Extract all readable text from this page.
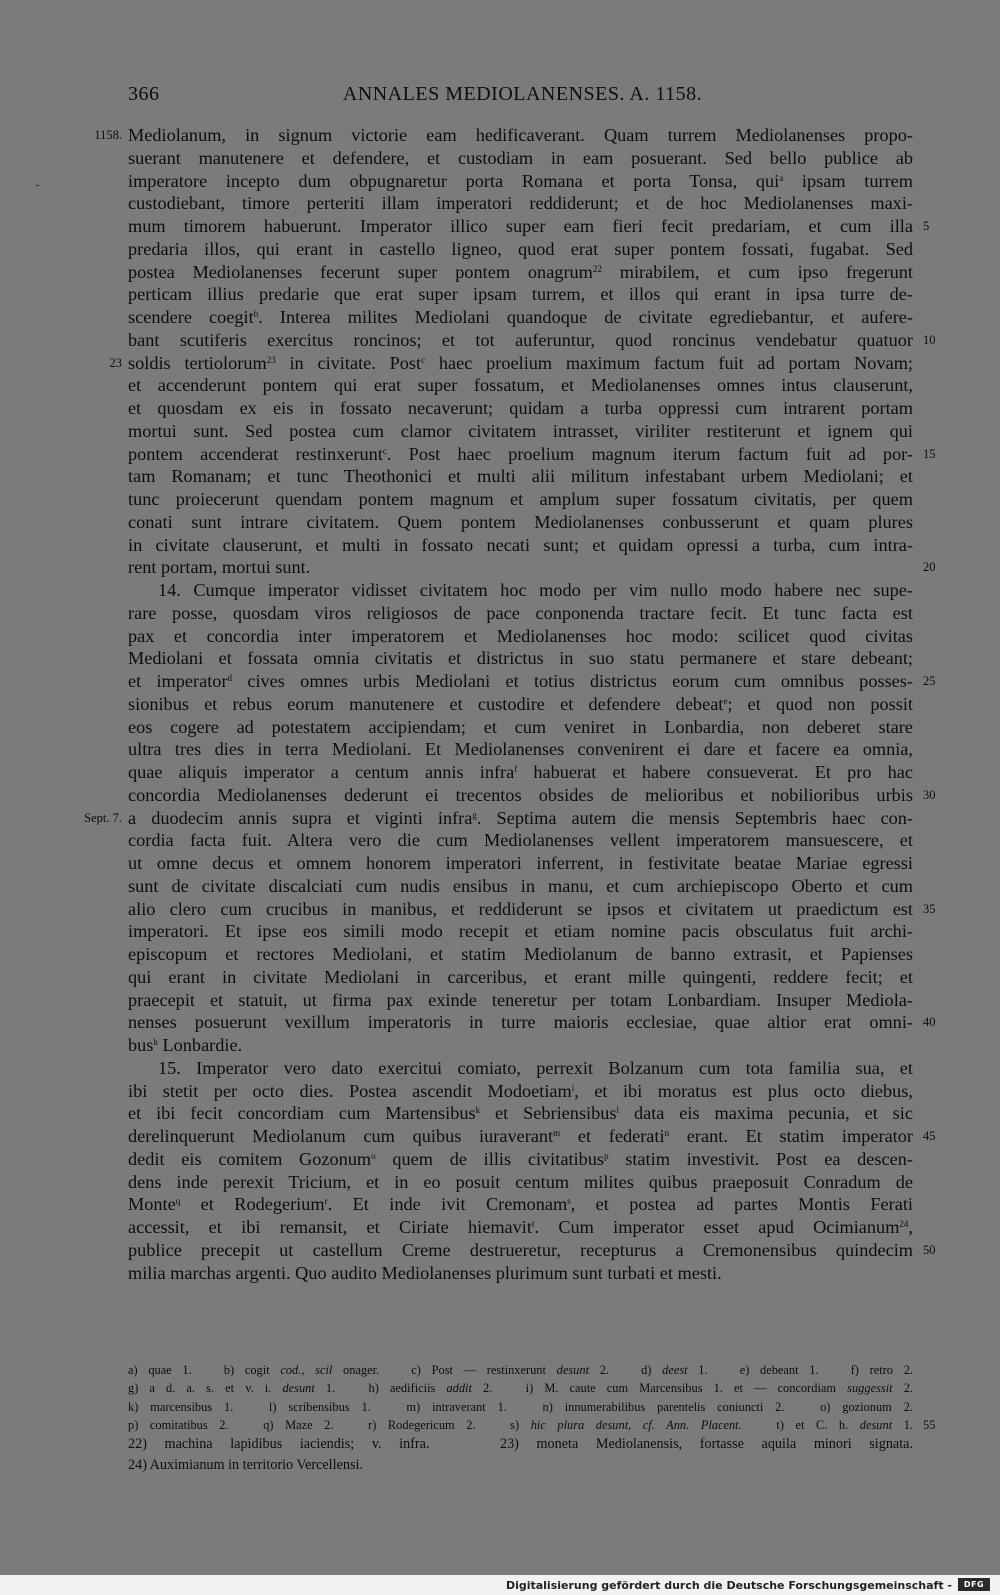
366	ANNALES MEDIOLANENSES. A. 1158.
-
Mediolanum, in signum victorie eam hedificaverant. Quam turrem Mediolanenses propo-
1158.
suerant manutenere et defendere, et custodiam in eam posuerant. Sed bello publice ab
imperatore incepto dum obpugnaretur porta Romana et porta Tonsa, qui$^a$ ipsam turrem
custodiebant, timore perteriti illam imperatori reddiderunt; et de hoc Mediolanenses maxi-
mum timorem habuerunt. Imperator illico super eam fieri fecit predariam, et cum illa 5
predaria illos, qui erant in castello ligneo, quod erat super pontem fossati, fugabat. Sed
postea Mediolanenses fecerunt super pontem onagrum$^{22}$ mirabilem, et cum ipso fregerunt
perticam illius predarie que erat super ipsam turrem, et illos qui erant in ipsa turre de-
scendere coegit$^b$. Interea milites Mediolani quandoque de civitate egrediebantur, et aufere-
bant scutiferis exercitus roncinos; et tot auferuntur, quod roncinus vendebatur quatuor 10
soldis tertiolorum$^{23}$ in civitate. Post$^c$ haec proelium maximum factum fuit ad portam Novam;
23
et accenderunt pontem qui erat super fossatum, et Mediolanenses omnes intus clauserunt,
et quosdam ex eis in fossato necaverunt; quidam a turba oppressi cum intrarent portam
mortui sunt. Sed postea cum clamor civitatem intrasset, viriliter restiterunt et ignem qui
pontem accenderat restinxerunt$^c$. Post haec proelium magnum iterum factum fuit ad por- 15
tam Romanam; et tunc Theothonici et multi alii militum infestabant urbem Mediolani; et
tunc proiecerunt quendam pontem magnum et amplum super fossatum civitatis, per quem
conati sunt intrare civitatem. Quem pontem Mediolanenses conbusserunt et quam plures
in civitate clauserunt, et multi in fossato necati sunt; et quidam opressi a turba, cum intra-
rent portam, mortui sunt.	20
14. Cumque imperator vidisset civitatem hoc modo per vim nullo modo habere nec supe-
rare posse, quosdam viros religiosos de pace conponenda tractare fecit. Et tunc facta est
pax et concordia inter imperatorem et Mediolanenses hoc modo: scilicet quod civitas
Mediolani et fossata omnia civitatis et districtus in suo statu permanere et stare debeant;
et imperator$^d$ cives omnes urbis Mediolani et totius districtus eorum cum omnibus posses- 25
sionibus et rebus eorum manutenere et custodire et defendere debeat$^e$; et quod non possit
eos cogere ad potestatem accipiendam; et cum veniret in Lonbardia, non deberet stare
ultra tres dies in terra Mediolani. Et Mediolanenses convenirent ei dare et facere ea omnia,
quae aliquis imperator a centum annis infra$^f$ habuerat et habere consueverat. Et pro hac
concordia Mediolanenses dederunt ei trecentos obsides de melioribus et nobilioribus urbis 30
a duodecim annis supra et viginti infra$^g$. Septima autem die mensis Septembris haec con-
Sept. 7.
cordia facta fuit. Altera vero die cum Mediolanenses vellent imperatorem mansuescere, et
ut omne decus et omnem honorem imperatori inferrent, in festivitate beatae Mariae egressi
sunt de civitate discalciati cum nudis ensibus in manu, et cum archiepiscopo Oberto et cum
alio clero cum crucibus in manibus, et reddiderunt se ipsos et civitatem ut praedictum est 35
imperatori. Et ipse eos simili modo recepit et etiam nomine pacis obsculatus fuit archi-
episcopum et rectores Mediolani, et statim Mediolanum de banno extrasit, et Papienses
qui erant in civitate Mediolani in carceribus, et erant mille quingenti, reddere fecit; et
praecepit et statuit, ut firma pax exinde teneretur per totam Lonbardiam. Insuper Mediola-
nenses posuerunt vexillum imperatoris in turre maioris ecclesiae, quae altior erat omni- 40
bus$^h$ Lonbardie.
15. Imperator vero dato exercitui comiato, perrexit Bolzanum cum tota familia sua, et
ibi stetit per octo dies. Postea ascendit Modoetiam$^i$, et ibi moratus est plus octo diebus,
et ibi fecit concordiam cum Martensibus$^k$ et Sebriensibus$^l$ data eis maxima pecunia, et sic
derelinquerunt Mediolanum cum quibus iuraverant$^m$ et federati$^n$ erant. Et statim imperator 45
dedit eis comitem Gozonum$^o$ quem de illis civitatibus$^p$ statim investivit. Post ea descen-
dens inde perexit Tricium, et in eo posuit centum milites quibus praeposuit Conradum de
Monte$^q$ et Rodegerium$^r$. Et inde ivit Cremonam$^s$, et postea ad partes Montis Ferati
accessit, et ibi remansit, et Ciriate hiemavit$^t$. Cum imperator esset apud Ocimianum$^{24}$,
publice precepit ut castellum Creme destrueretur, recepturus a Cremonensibus quindecim 50
milia marchas argenti. Quo audito Mediolanenses plurimum sunt turbati et mesti.
a) quae 1.   b) cogit cod., scil onager.   c) Post — restinxerunt desunt 2.   d) deest 1.   e) debeant 1.   f) retro 2.
g) a d. a. s. et v. i. desunt 1.   h) aedificiis addit 2.   i) M. caute cum Marcensibus 1. et — concordiam suggessit 2.
k) marcensibus 1.   l) scribensibus 1.   m) intraverant 1.   n) innumerabilibus parentelis coniuncti 2.   o) gozionum 2.
p) comitatibus 2.   q) Maze 2.   r) Rodegericum 2.   s) hic plura desunt, cf. Ann. Placent.   t) et C. h. desunt 1. 55
22) machina lapidibus iaciendis; v. infra.    23) moneta Mediolanensis, fortasse aquila minori signata.
24) Auximianum in territorio Vercellensi.
Digitalisierung gefördert durch die Deutsche Forschungsgemeinschaft -	DFG
